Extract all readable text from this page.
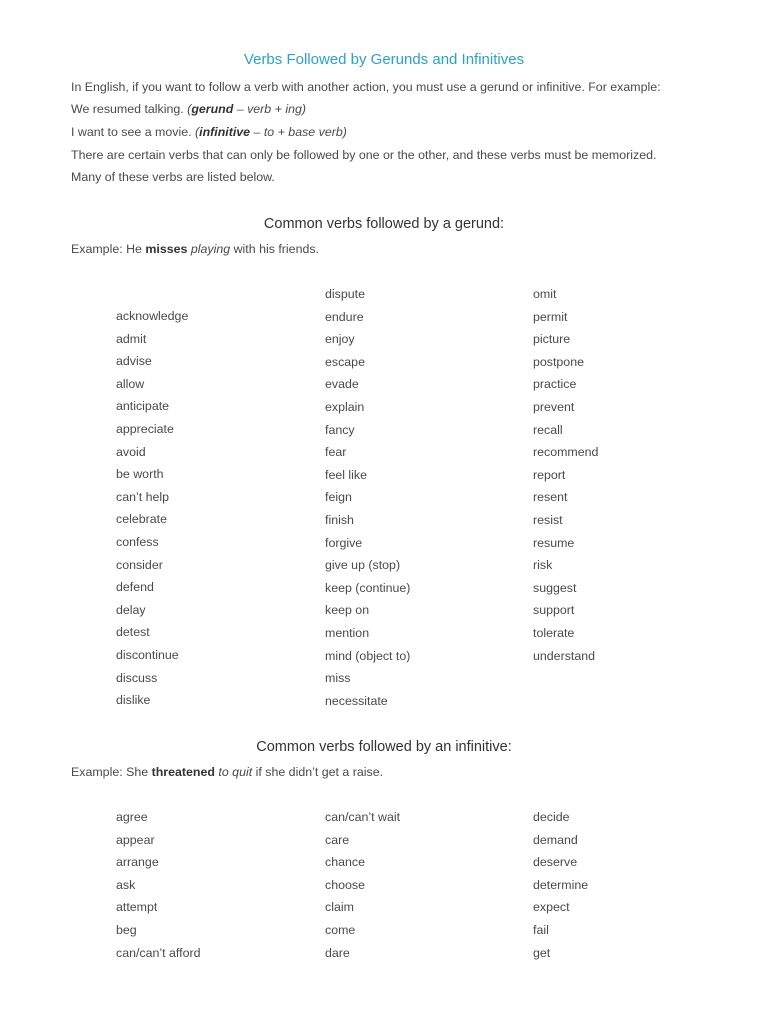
Verbs Followed by Gerunds and Infinitives
In English, if you want to follow a verb with another action, you must use a gerund or infinitive. For example:
We resumed talking. (gerund – verb + ing)
I want to see a movie. (infinitive – to + base verb)
There are certain verbs that can only be followed by one or the other, and these verbs must be memorized.
Many of these verbs are listed below.
Common verbs followed by a gerund:
Example: He misses playing with his friends.
acknowledge
admit
advise
allow
anticipate
appreciate
avoid
be worth
can’t help
celebrate
confess
consider
defend
delay
detest
discontinue
discuss
dislike
dispute
endure
enjoy
escape
evade
explain
fancy
fear
feel like
feign
finish
forgive
give up (stop)
keep (continue)
keep on
mention
mind (object to)
miss
necessitate
omit
permit
picture
postpone
practice
prevent
recall
recommend
report
resent
resist
resume
risk
suggest
support
tolerate
understand
Common verbs followed by an infinitive:
Example: She threatened to quit if she didn’t get a raise.
agree
appear
arrange
ask
attempt
beg
can/can’t afford
can/can’t wait
care
chance
choose
claim
come
dare
decide
demand
deserve
determine
expect
fail
get
